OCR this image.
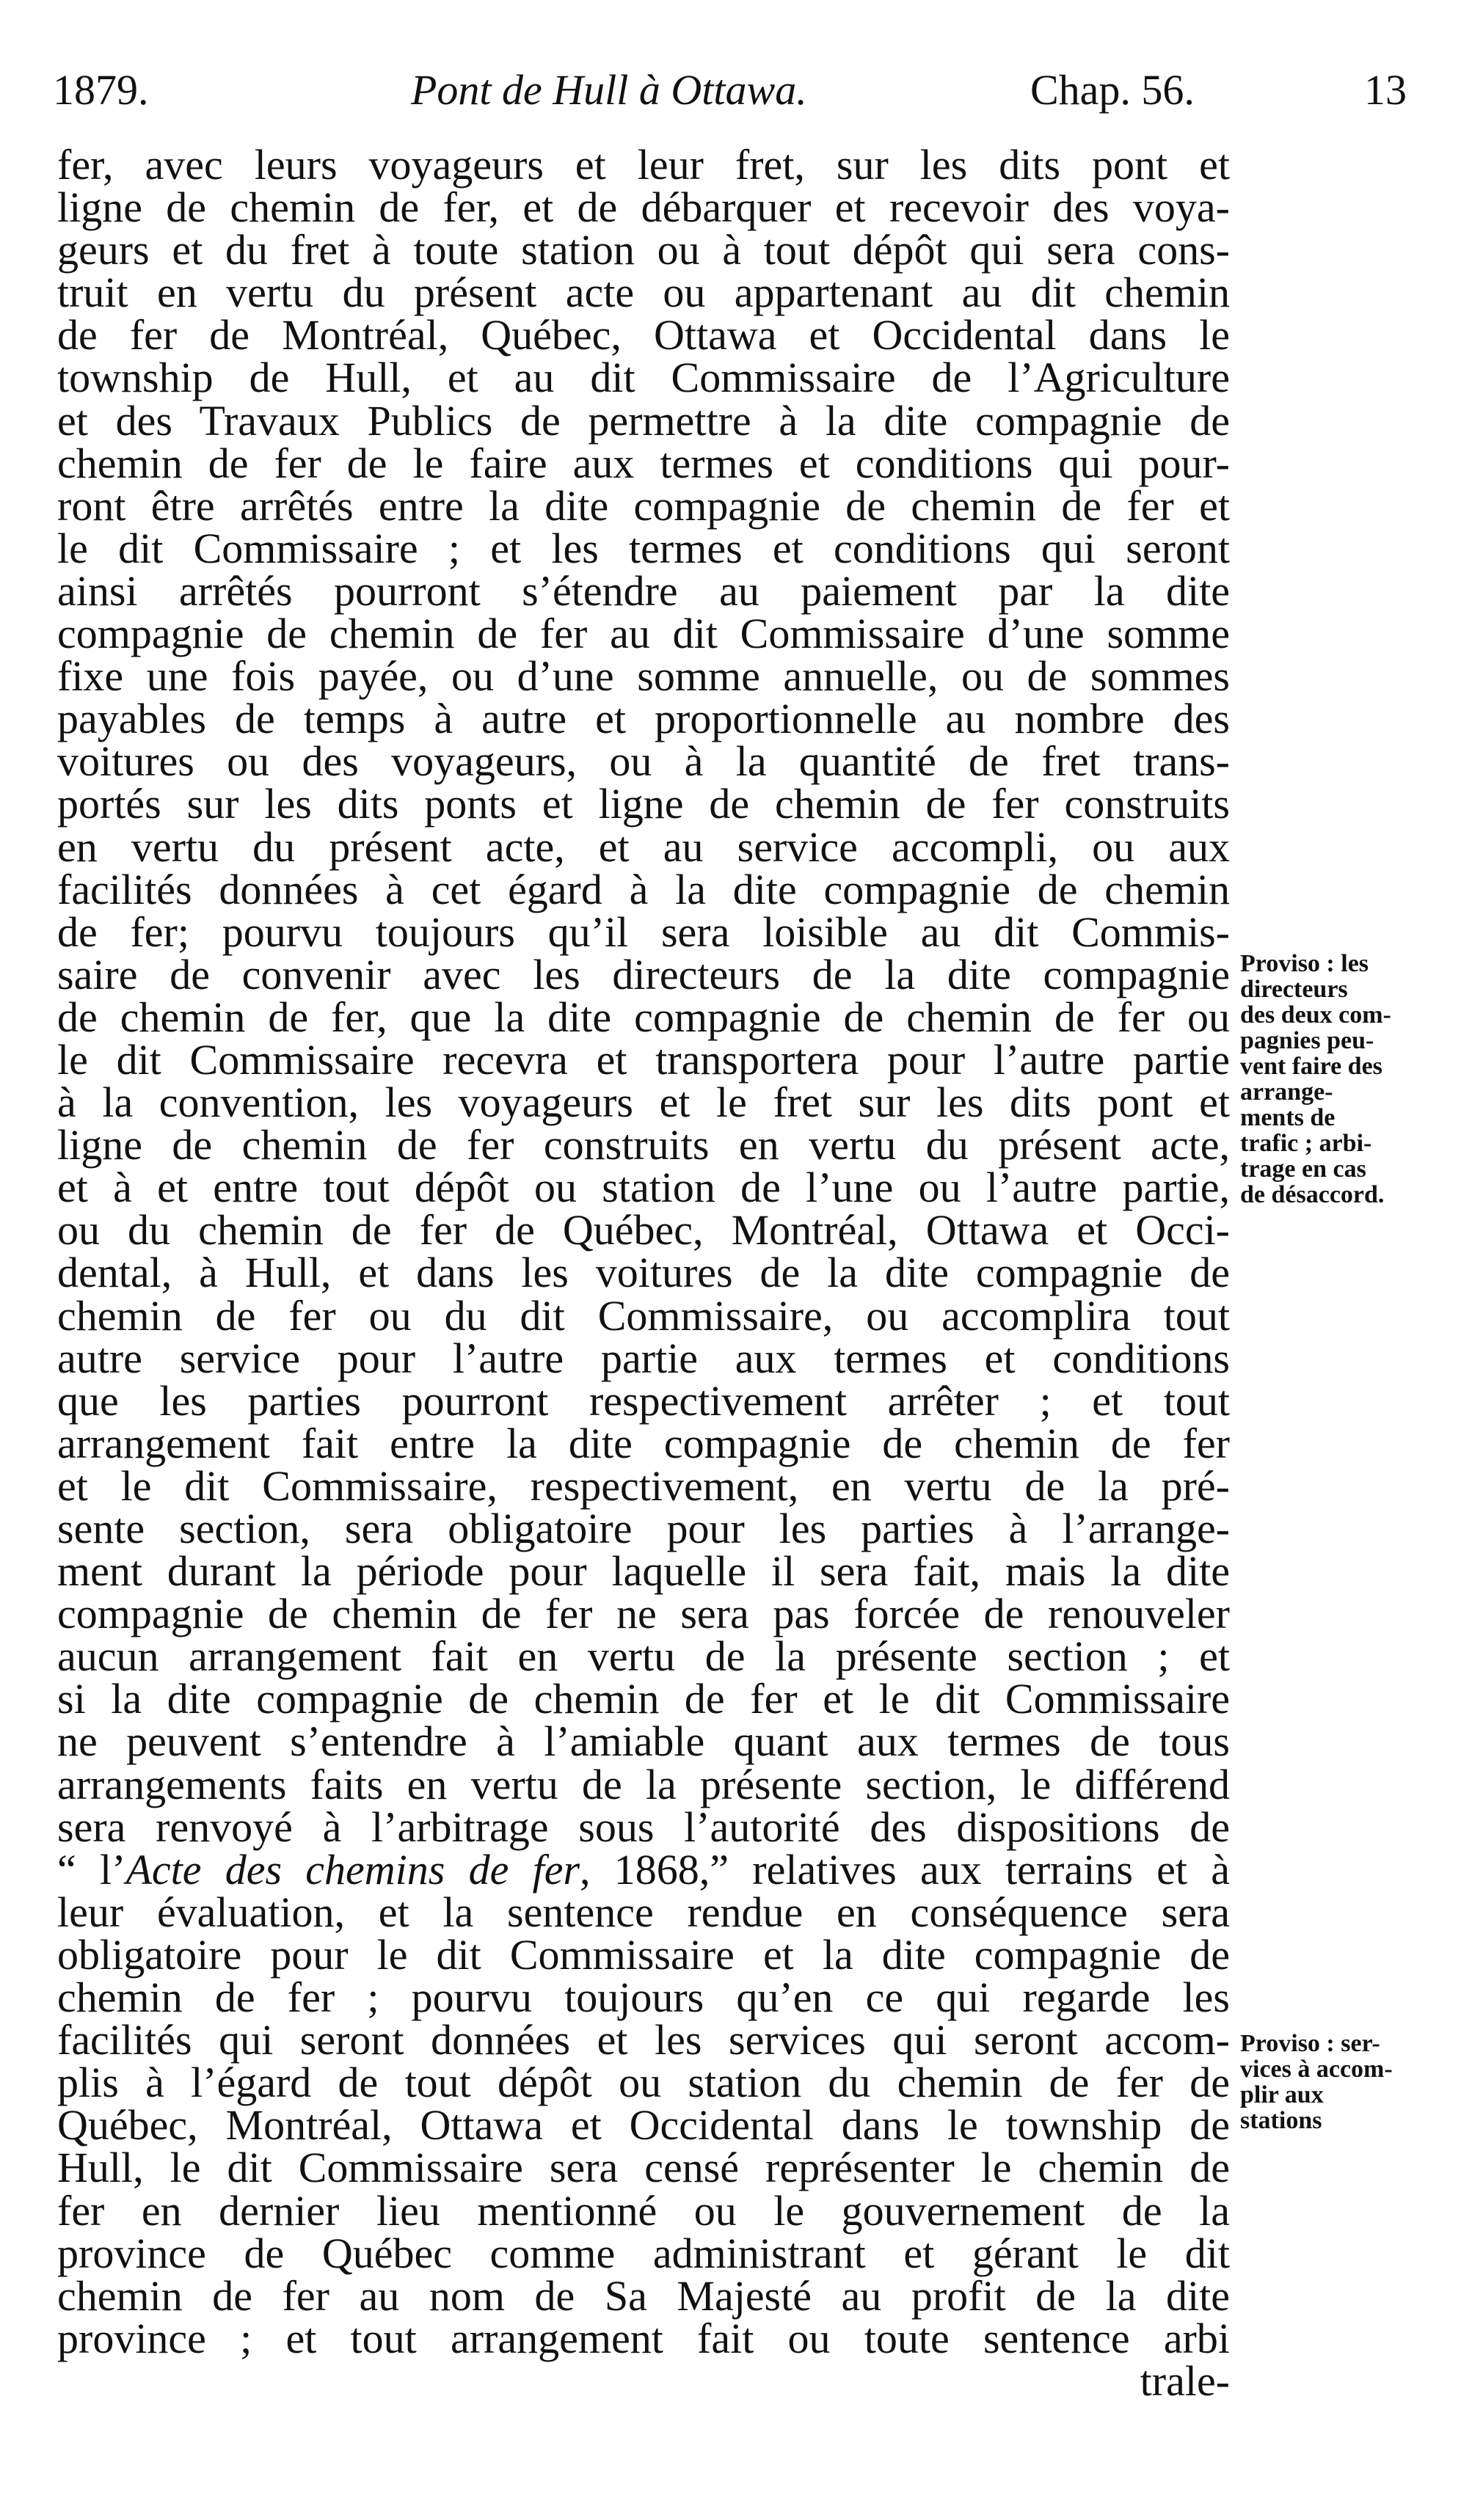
1879.	Pont de Hull à Ottawa.	Chap. 56.	13
fer, avec leurs voyageurs et leur fret, sur les dits pont et
ligne de chemin de fer, et de débarquer et recevoir des voya-
geurs et du fret à toute station ou à tout dépôt qui sera cons-
truit en vertu du présent acte ou appartenant au dit chemin
de fer de Montréal, Québec, Ottawa et Occidental dans le
township de Hull, et au dit Commissaire de l’Agriculture
et des Travaux Publics de permettre à la dite compagnie de
chemin de fer de le faire aux termes et conditions qui pour-
ront être arrêtés entre la dite compagnie de chemin de fer et
le dit Commissaire ; et les termes et conditions qui seront
ainsi arrêtés pourront s’étendre au paiement par la dite
compagnie de chemin de fer au dit Commissaire d’une somme
fixe une fois payée, ou d’une somme annuelle, ou de sommes
payables de temps à autre et proportionnelle au nombre des
voitures ou des voyageurs, ou à la quantité de fret trans-
portés sur les dits ponts et ligne de chemin de fer construits
en vertu du présent acte, et au service accompli, ou aux
facilités données à cet égard à la dite compagnie de chemin
de fer; pourvu toujours qu’il sera loisible au dit Commis-
saire de convenir avec les directeurs de la dite compagnie
de chemin de fer, que la dite compagnie de chemin de fer ou
le dit Commissaire recevra et transportera pour l’autre partie
à la convention, les voyageurs et le fret sur les dits pont et
ligne de chemin de fer construits en vertu du présent acte,
et à et entre tout dépôt ou station de l’une ou l’autre partie,
ou du chemin de fer de Québec, Montréal, Ottawa et Occi-
dental, à Hull, et dans les voitures de la dite compagnie de
chemin de fer ou du dit Commissaire, ou accomplira tout
autre service pour l’autre partie aux termes et conditions
que les parties pourront respectivement arrêter ; et tout
arrangement fait entre la dite compagnie de chemin de fer
et le dit Commissaire, respectivement, en vertu de la pré-
sente section, sera obligatoire pour les parties à l’arrange-
ment durant la période pour laquelle il sera fait, mais la dite
compagnie de chemin de fer ne sera pas forcée de renouveler
aucun arrangement fait en vertu de la présente section ; et
si la dite compagnie de chemin de fer et le dit Commissaire
ne peuvent s’entendre à l’amiable quant aux termes de tous
arrangements faits en vertu de la présente section, le différend
sera renvoyé à l’arbitrage sous l’autorité des dispositions de
“ l’Acte des chemins de fer, 1868,” relatives aux terrains et à
leur évaluation, et la sentence rendue en conséquence sera
obligatoire pour le dit Commissaire et la dite compagnie de
chemin de fer ; pourvu toujours qu’en ce qui regarde les
facilités qui seront données et les services qui seront accom-
plis à l’égard de tout dépôt ou station du chemin de fer de
Québec, Montréal, Ottawa et Occidental dans le township de
Hull, le dit Commissaire sera censé représenter le chemin de
fer en dernier lieu mentionné ou le gouvernement de la
province de Québec comme administrant et gérant le dit
chemin de fer au nom de Sa Majesté au profit de la dite
province ; et tout arrangement fait ou toute sentence arbi
trale-
Proviso : les
directeurs
des deux com-
pagnies peu-
vent faire des
arrange-
ments de
trafic ; arbi-
trage en cas
de désaccord.
Proviso : ser-
vices à accom-
plir aux
stations
